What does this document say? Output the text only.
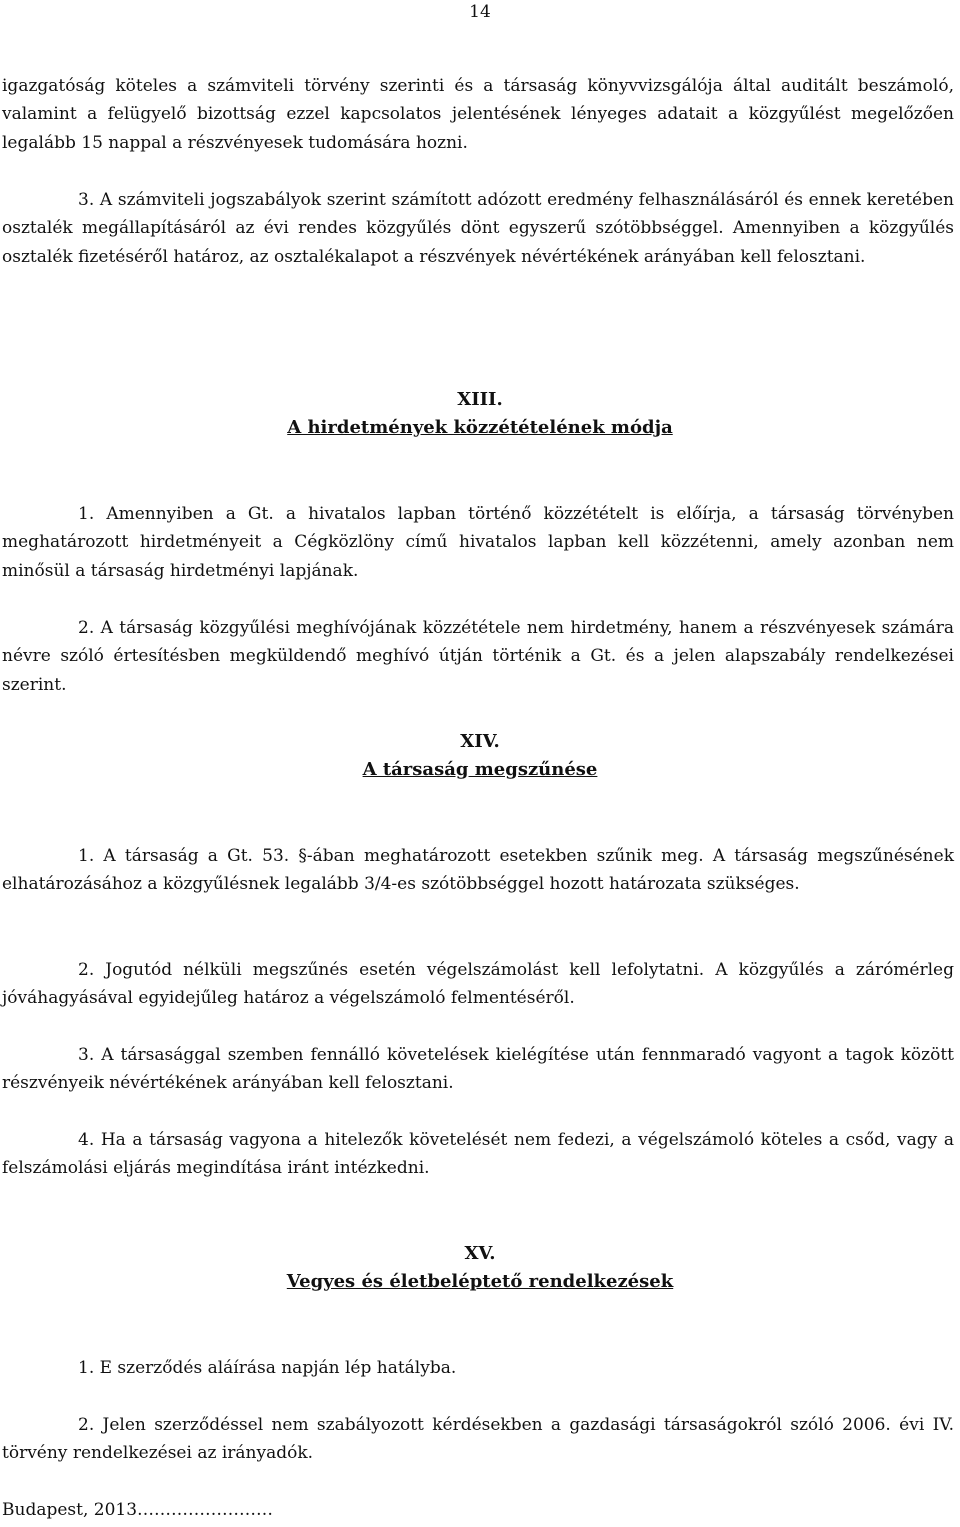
14

igazgatóság köteles a számviteli törvény szerinti és a társaság könyvvizsgálója által auditált beszámoló, valamint a felügyelő bizottság ezzel kapcsolatos jelentésének lényeges adatait a közgyűlést megelőzően legalább 15 nappal a részvényesek tudomására hozni.

3. A számviteli jogszabályok szerint számított adózott eredmény felhasználásáról és ennek keretében osztalék megállapításáról az évi rendes közgyűlés dönt egyszerű szótöbbséggel. Amennyiben a közgyűlés osztalék fizetéséről határoz, az osztalékalapot a részvények névértékének arányában kell felosztani.

XIII.
A hirdetmények közzétételének módja

1. Amennyiben a Gt. a hivatalos lapban történő közzétételt is előírja, a társaság törvényben meghatározott hirdetményeit a Cégközlöny című hivatalos lapban kell közzétenni, amely azonban nem minősül a társaság hirdetményi lapjának.

2. A társaság közgyűlési meghívójának közzététele nem hirdetmény, hanem a részvényesek számára névre szóló értesítésben megküldendő meghívó útján történik a Gt. és a jelen alapszabály rendelkezései szerint.

XIV.
A társaság megszűnése

1. A társaság a Gt. 53. §-ában meghatározott esetekben szűnik meg. A társaság megszűnésének elhatározásához a közgyűlésnek legalább 3/4-es szótöbbséggel hozott határozata szükséges.

2. Jogutód nélküli megszűnés esetén végelszámolást kell lefolytatni. A közgyűlés a zárómérleg jóváhagyásával egyidejűleg határoz a végelszámoló felmentéséről.

3. A társasággal szemben fennálló követelések kielégítése után fennmaradó vagyont a tagok között részvényeik névértékének arányában kell felosztani.

4. Ha a társaság vagyona a hitelezők követelését nem fedezi, a végelszámoló köteles a csőd, vagy a felszámolási eljárás megindítása iránt intézkedni.

XV.
Vegyes és életbeléptető rendelkezések

1. E szerződés aláírása napján lép hatályba.

2. Jelen szerződéssel nem szabályozott kérdésekben a gazdasági társaságokról szóló 2006. évi IV. törvény rendelkezései az irányadók.

Budapest, 2013……………………
